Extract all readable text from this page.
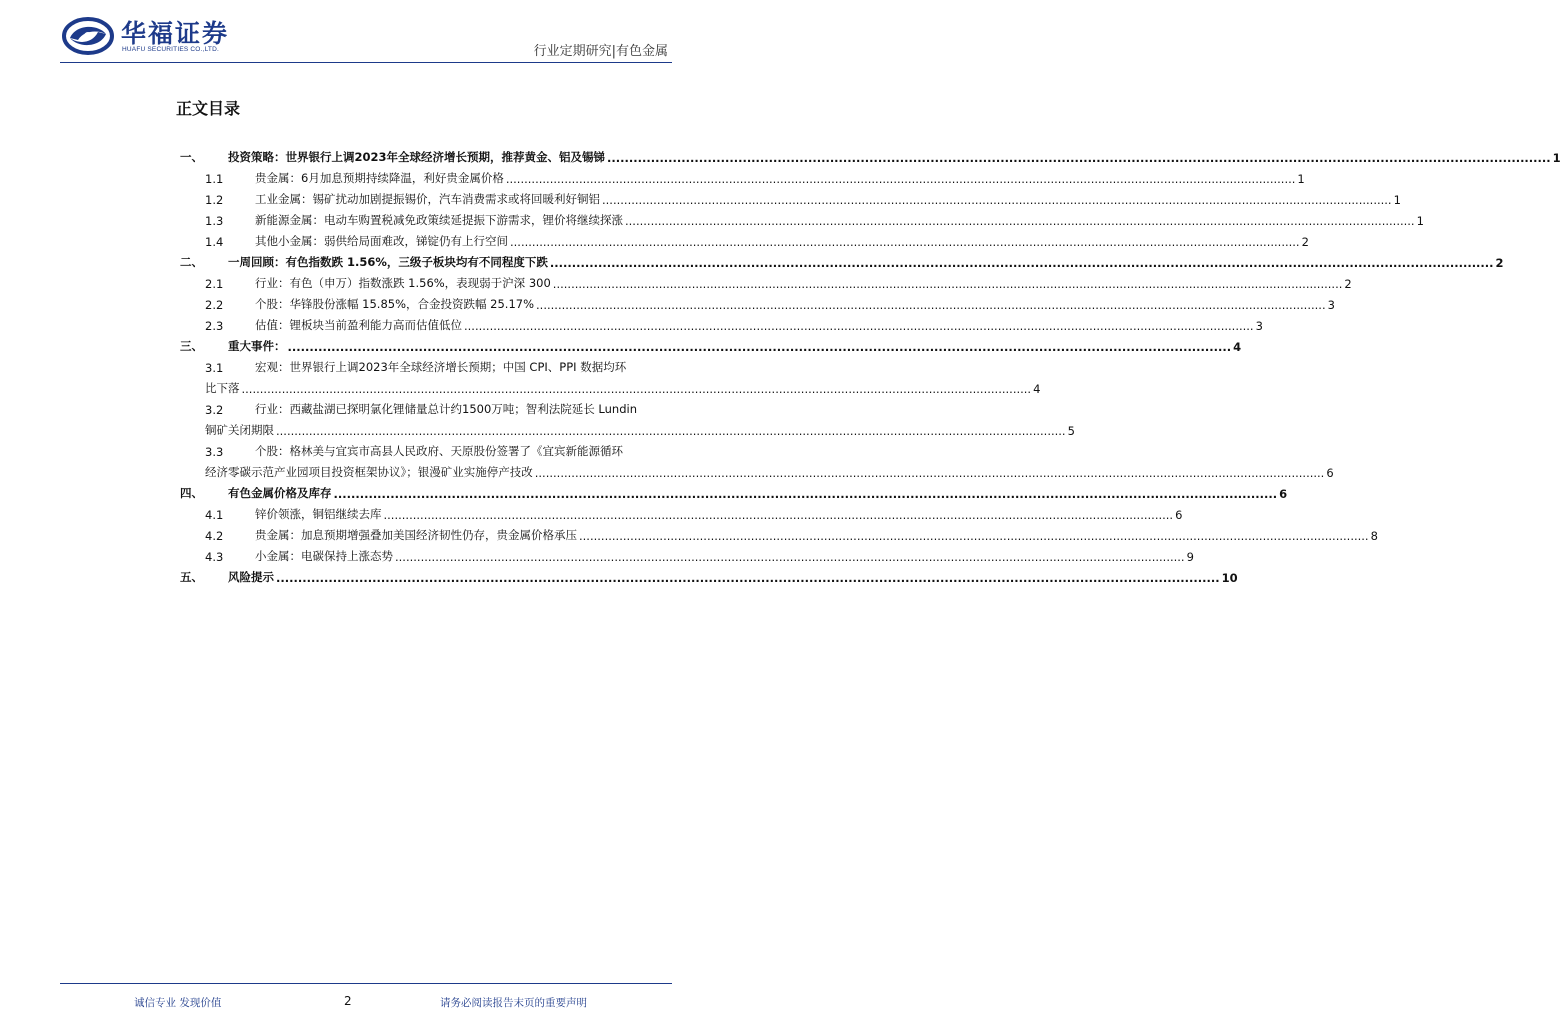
华福证券
HUAFU SECURITIES CO.,LTD.	行业定期研究|有色金属
正文目录
一、	投资策略：世界银行上调2023年全球经济增长预期，推荐黄金、铝及锡锑 .....	1
1.1	贵金属：6月加息预期持续降温，利好贵金属价格 .....	1
1.2	工业金属：锡矿扰动加剧提振锡价，汽车消费需求或将回暖利好铜铝 .....	1
1.3	新能源金属：电动车购置税减免政策续延提振下游需求，锂价将继续探涨 .....	1
1.4	其他小金属：弱供给局面难改，锑锭仍有上行空间 .....	2
二、	一周回顾：有色指数跌 1.56%，三级子板块均有不同程度下跌 .....	2
2.1	行业：有色（申万）指数涨跌 1.56%，表现弱于沪深 300 .....	2
2.2	个股：华锋股份涨幅 15.85%，合金投资跌幅 25.17% .....	3
2.3	估值：锂板块当前盈利能力高而估值低位 .....	3
三、	重大事件： .....	4
3.1	宏观：世界银行上调2023年全球经济增长预期；中国 CPI、PPI 数据均环
比下落 .....	4
3.2	行业：西藏盐湖已探明氯化锂储量总计约1500万吨；智利法院延长 Lundin
铜矿关闭期限 .....	5
3.3	个股：格林美与宜宾市高县人民政府、天原股份签署了《宜宾新能源循环
经济零碳示范产业园项目投资框架协议》；银漫矿业实施停产技改 .....	6
四、	有色金属价格及库存 .....	6
4.1	锌价领涨，铜铝继续去库 .....	6
4.2	贵金属：加息预期增强叠加美国经济韧性仍存，贵金属价格承压 .....	8
4.3	小金属：电碳保持上涨态势 .....	9
五、	风险提示 .....	10
诚信专业 发现价值	2	请务必阅读报告末页的重要声明
